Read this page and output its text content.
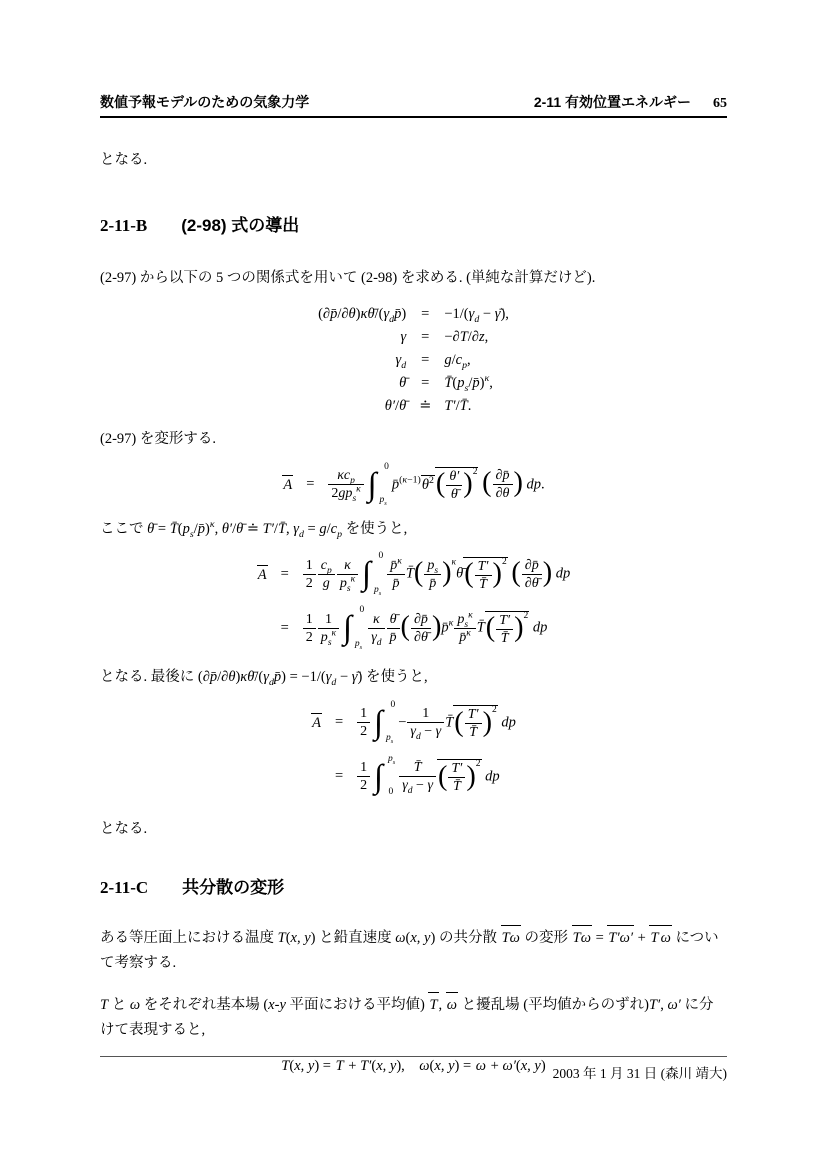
数値予報モデルのための気象力学	2-11 有効位置エネルギー 65

となる.

2-11-B (2-98) 式の導出

(2-97) から以下の 5 つの関係式を用いて (2-98) を求める. (単純な計算だけど).

$(\partial p̄/\partial\theta)\kappa\thetā/(\gamma_dp̄)$	=	$-1/(\gamma_d$ − γ̄),
γ	=	−∂T/∂z,
$\gamma_d$	=	$g/c_p$,
θ̄	=	$T̄(p_s/p̄)^\kappa$,
θ′/θ̄	≐	T′/T̄.

(2-97) を変形する.

A	=	
$\kappa c_p$
$2gp_s^\kappa$ ∫ 0
$p_s$
$p̄^{(\kappa-1)}\theta^2( \frac{\theta'}{\thetā} )^2$ ( $\frac{\partial p̄}{\partial\theta}$ ) dp.

ここで θ̄ = $T̄(p_s/p̄)^\kappa$, θ′/θ̄ ≐ T′/T̄, $\gamma_d = g/c_p$ を使うと,

A	=	$\frac{1}{2} \frac{c_p}{g}$ κ
$p_s^\kappa$ ∫ 0
$p_s$
$\frac{p̄^\kappa}{p̄}$ T̄( $\frac{p_s}{p̄}$ )$^\kappa$θ̄( $\frac{T'}{T̄} )^2$ ( $\frac{\partial p̄}{\partial\thetā}$ ) dp
	=	$\frac{1}{2} 1$
$p_s^\kappa$ ∫ 0
$p_s$
$\frac{\kappa}{\gamma_d} \frac{\thetā}{p̄}$ ( $\frac{\partial p̄}{\partial\thetā}$ )p̄$^\kappa$ $p_s^\kappa$
p̄$^\kappa$ T̄( $\frac{T'}{T̄} )^2$ dp

となる. 最後に $(\partial p̄/\partial\theta)\kappa\thetā/(\gamma_dp̄) = -1/(\gamma_d$ − γ̄) を使うと,

A	=	$\frac{1}{2}$ ∫ 0
$p_s$
− $\frac{1}{\gamma_d - \gamma}$ T̄( $\frac{T'}{T̄} )^2$ dp
	=	$\frac{1}{2}$ ∫ $p_s$
$0 \frac{T̄}{\gamma_d - \gamma}$ ( $\frac{T'}{T̄} )^2$ dp

となる.

2-11-C 共分散の変形

ある等圧面上における温度 T(x, y) と鉛直速度 ω(x, y) の共分散 Tω の変形 Tω = T′ω′ + T ω について考察する.

T と ω をそれぞれ基本場 (x-y 平面における平均値) T, ω と擾乱場 (平均値からのずれ)T′, ω′ に分けて表現すると,

T(x, y) = T + T′(x, y),    ω(x, y) = ω + ω′(x, y) 2003 年 1 月 31 日 (森川 靖大)
